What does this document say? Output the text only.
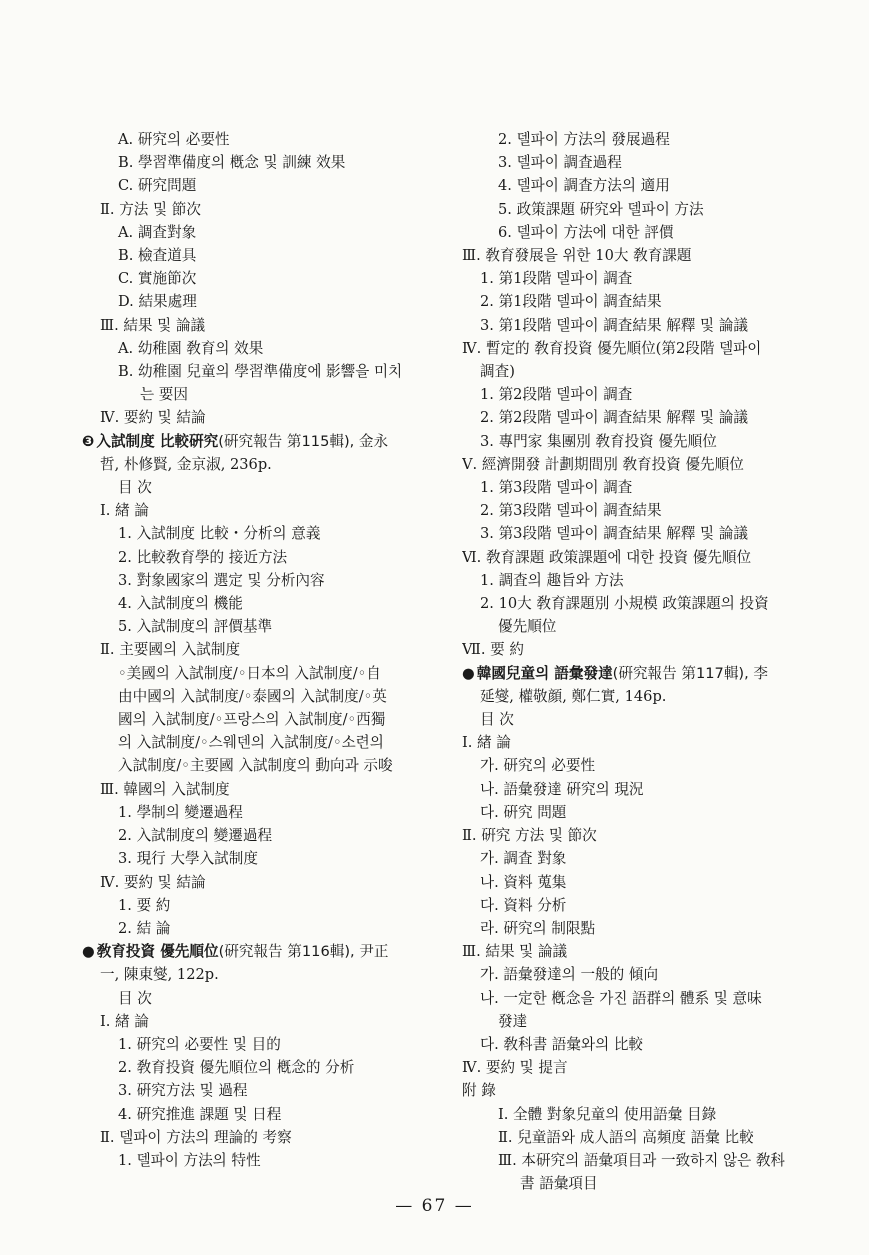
A. 研究의 必要性
B. 學習準備度의 槪念 및 訓練 效果
C. 硏究問題
Ⅱ. 方法 및 節次
A. 調査對象
B. 檢査道具
C. 實施節次
D. 結果處理
Ⅲ. 結果 및 論議
A. 幼稚園 敎育의 效果
B. 幼稚園 兒童의 學習準備度에 影響을 미치
는 要因
Ⅳ. 要約 및 結論
❸ 入試制度 比較硏究(硏究報告 第115輯), 金永
哲, 朴修賢, 金京淑, 236p.
目 次
Ⅰ. 緖 論
1. 入試制度 比較・分析의 意義
2. 比較敎育學的 接近方法
3. 對象國家의 選定 및 分析內容
4. 入試制度의 機能
5. 入試制度의 評價基準
Ⅱ. 主要國의 入試制度
◦美國의 入試制度/◦日本의 入試制度/◦自
由中國의 入試制度/◦泰國의 入試制度/◦英
國의 入試制度/◦프랑스의 入試制度/◦西獨
의 入試制度/◦스웨덴의 入試制度/◦소련의
入試制度/◦主要國 入試制度의 動向과 示唆
Ⅲ. 韓國의 入試制度
1. 學制의 變遷過程
2. 入試制度의 變遷過程
3. 現行 大學入試制度
Ⅳ. 要約 및 結論
1. 要 約
2. 結 論
● 敎育投資 優先順位(硏究報告 第116輯), 尹正
一, 陳東燮, 122p.
目 次
Ⅰ. 緖 論
1. 硏究의 必要性 및 目的
2. 敎育投資 優先順位의 槪念的 分析
3. 硏究方法 및 過程
4. 硏究推進 課題 및 日程
Ⅱ. 델파이 方法의 理論的 考察
1. 델파이 方法의 特性
2. 델파이 方法의 發展過程
3. 델파이 調査過程
4. 델파이 調査方法의 適用
5. 政策課題 硏究와 델파이 方法
6. 델파이 方法에 대한 評價
Ⅲ. 敎育發展을 위한 10大 敎育課題
1. 第1段階 델파이 調査
2. 第1段階 델파이 調査結果
3. 第1段階 델파이 調査結果 解釋 및 論議
Ⅳ. 暫定的 敎育投資 優先順位(第2段階 델파이
調査)
1. 第2段階 델파이 調査
2. 第2段階 델파이 調査結果 解釋 및 論議
3. 專門家 集團別 敎育投資 優先順位
Ⅴ. 經濟開發 計劃期間別 敎育投資 優先順位
1. 第3段階 델파이 調査
2. 第3段階 델파이 調査結果
3. 第3段階 델파이 調査結果 解釋 및 論議
Ⅵ. 敎育課題 政策課題에 대한 投資 優先順位
1. 調査의 趣旨와 方法
2. 10大 敎育課題別 小規模 政策課題의 投資
優先順位
Ⅶ. 要 約
● 韓國兒童의 語彙發達(硏究報告 第117輯), 李
延燮, 權敬顔, 鄭仁實, 146p.
目 次
Ⅰ. 緖 論
가. 研究의 必要性
나. 語彙發達 硏究의 現況
다. 硏究 問題
Ⅱ. 硏究 方法 및 節次
가. 調査 對象
나. 資料 蒐集
다. 資料 分析
라. 硏究의 制限點
Ⅲ. 結果 및 論議
가. 語彙發達의 一般的 傾向
나. 一定한 槪念을 가진 語群의 體系 및 意味
發達
다. 敎科書 語彙와의 比較
Ⅳ. 要約 및 提言
附 錄
Ⅰ. 全體 對象兒童의 使用語彙 目錄
Ⅱ. 兒童語와 成人語의 高頻度 語彙 比較
Ⅲ. 本研究의 語彙項目과 一致하지 않은 敎科
書 語彙項目
— 67 —
